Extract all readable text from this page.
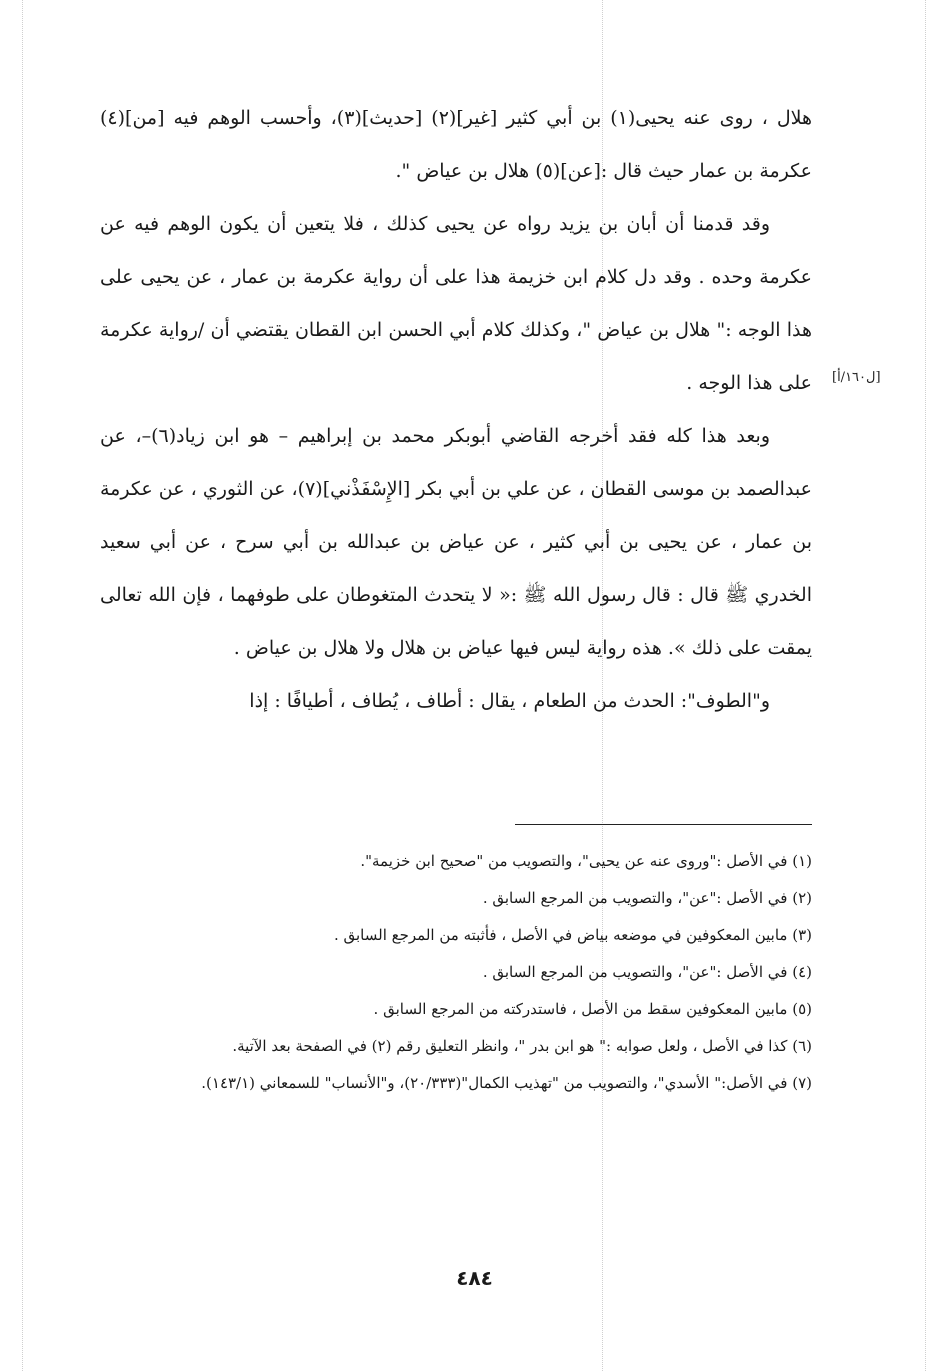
هلال ، روى عنه يحيى(١) بن أبي كثير [غير](٢) [حديث](٣)، وأحسب الوهم فيه [من](٤) عكرمة بن عمار حيث قال :[عن](٥) هلال بن عياض ".

وقد قدمنا أن أبان بن يزيد رواه عن يحيى كذلك ، فلا يتعين أن يكون الوهم فيه عن عكرمة وحده . وقد دل كلام ابن خزيمة هذا على أن رواية عكرمة بن عمار ، عن يحيى على هذا الوجه :" هلال بن عياض "، وكذلك كلام أبي الحسن ابن القطان يقتضي أن /رواية عكرمة على هذا الوجه .

وبعد هذا كله فقد أخرجه القاضي أبوبكر محمد بن إبراهيم – هو ابن زياد(٦)–، عن عبدالصمد بن موسى القطان ، عن علي بن أبي بكر [الإِسْفَذْني](٧)، عن الثوري ، عن عكرمة بن عمار ، عن يحيى بن أبي كثير ، عن عياض بن عبدالله بن أبي سرح ، عن أبي سعيد الخدري ﷺ قال : قال رسول الله ﷺ :« لا يتحدث المتغوطان على طوفهما ، فإن الله تعالى يمقت على ذلك ». هذه رواية ليس فيها عياض بن هلال ولا هلال بن عياض .

و"الطوف": الحدث من الطعام ، يقال : أطاف ، يُطاف ، أطيافًا : إذا

[ل١٦٠/أ]

(١) في الأصل :"وروى عنه عن يحيى"، والتصويب من "صحيح ابن خزيمة".

(٢) في الأصل :"عن"، والتصويب من المرجع السابق .

(٣) مابين المعكوفين في موضعه بياض في الأصل ، فأثبته من المرجع السابق .

(٤) في الأصل :"عن"، والتصويب من المرجع السابق .

(٥) مابين المعكوفين سقط من الأصل ، فاستدركته من المرجع السابق .

(٦) كذا في الأصل ، ولعل صوابه :" هو ابن بدر "، وانظر التعليق رقم (٢) في الصفحة بعد الآتية.

(٧) في الأصل:" الأسدي"، والتصويب من "تهذيب الكمال"(٢٠/٣٣٣)، و"الأنساب" للسمعاني (١٤٣/١).

٤٨٤
